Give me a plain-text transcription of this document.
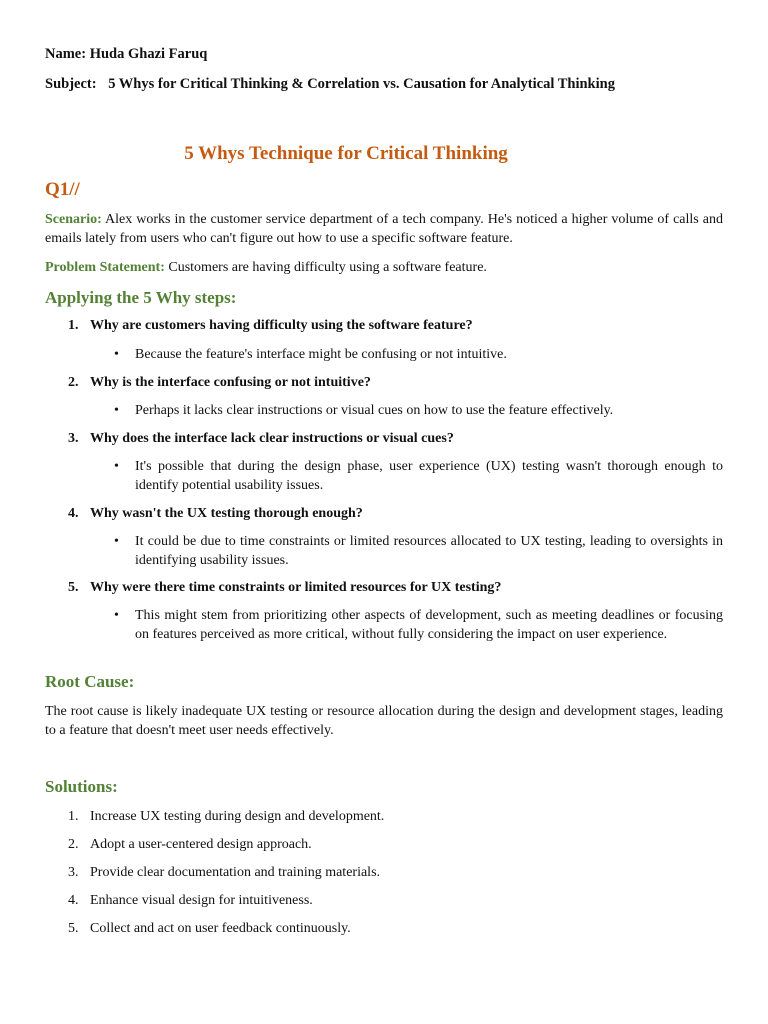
Name: Huda Ghazi Faruq
Subject: 5 Whys for Critical Thinking & Correlation vs. Causation for Analytical Thinking
5 Whys Technique for Critical Thinking
Q1//
Scenario: Alex works in the customer service department of a tech company. He's noticed a higher volume of calls and emails lately from users who can't figure out how to use a specific software feature.
Problem Statement: Customers are having difficulty using a software feature.
Applying the 5 Why steps:
1. Why are customers having difficulty using the software feature?
• Because the feature's interface might be confusing or not intuitive.
2. Why is the interface confusing or not intuitive?
• Perhaps it lacks clear instructions or visual cues on how to use the feature effectively.
3. Why does the interface lack clear instructions or visual cues?
• It's possible that during the design phase, user experience (UX) testing wasn't thorough enough to identify potential usability issues.
4. Why wasn't the UX testing thorough enough?
• It could be due to time constraints or limited resources allocated to UX testing, leading to oversights in identifying usability issues.
5. Why were there time constraints or limited resources for UX testing?
• This might stem from prioritizing other aspects of development, such as meeting deadlines or focusing on features perceived as more critical, without fully considering the impact on user experience.
Root Cause:
The root cause is likely inadequate UX testing or resource allocation during the design and development stages, leading to a feature that doesn't meet user needs effectively.
Solutions:
1. Increase UX testing during design and development.
2. Adopt a user-centered design approach.
3. Provide clear documentation and training materials.
4. Enhance visual design for intuitiveness.
5. Collect and act on user feedback continuously.
